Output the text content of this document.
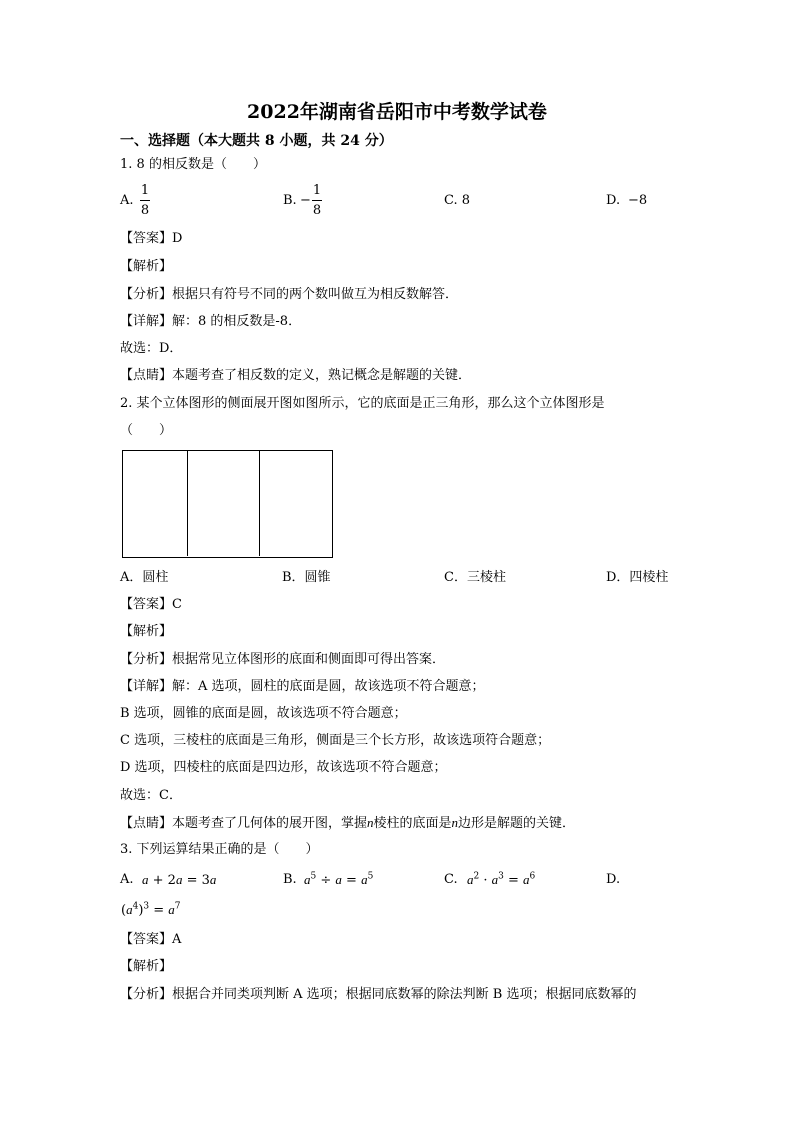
2022年湖南省岳阳市中考数学试卷
一、选择题（本大题共 8 小题，共 24 分）
1. 8 的相反数是（　　）
A.
1
8
B. −
1
8
C. 8	D. −8
【答案】D
【解析】
【分析】根据只有符号不同的两个数叫做互为相反数解答．
【详解】解：8 的相反数是-8．
故选：D．
【点睛】本题考查了相反数的定义，熟记概念是解题的关键．
2. 某个立体图形的侧面展开图如图所示，它的底面是正三角形，那么这个立体图形是
（　　）
A．圆柱	B．圆锥	C．三棱柱	D．四棱柱
【答案】C
【解析】
【分析】根据常见立体图形的底面和侧面即可得出答案．
【详解】解：A 选项，圆柱的底面是圆，故该选项不符合题意；
B 选项，圆锥的底面是圆，故该选项不符合题意；
C 选项，三棱柱的底面是三角形，侧面是三个长方形，故该选项符合题意；
D 选项，四棱柱的底面是四边形，故该选项不符合题意；
故选：C．
【点睛】本题考查了几何体的展开图，掌握n棱柱的底面是n边形是解题的关键．
3. 下列运算结果正确的是（　　）
A. a + 2a = 3a	B. $a^5 \div a = a^5$	C. $a^2 \cdot a^3 = a^6$	D.
$(a^4)^3 = a^7$
【答案】A
【解析】
【分析】根据合并同类项判断 A 选项；根据同底数幂的除法判断 B 选项；根据同底数幂的
